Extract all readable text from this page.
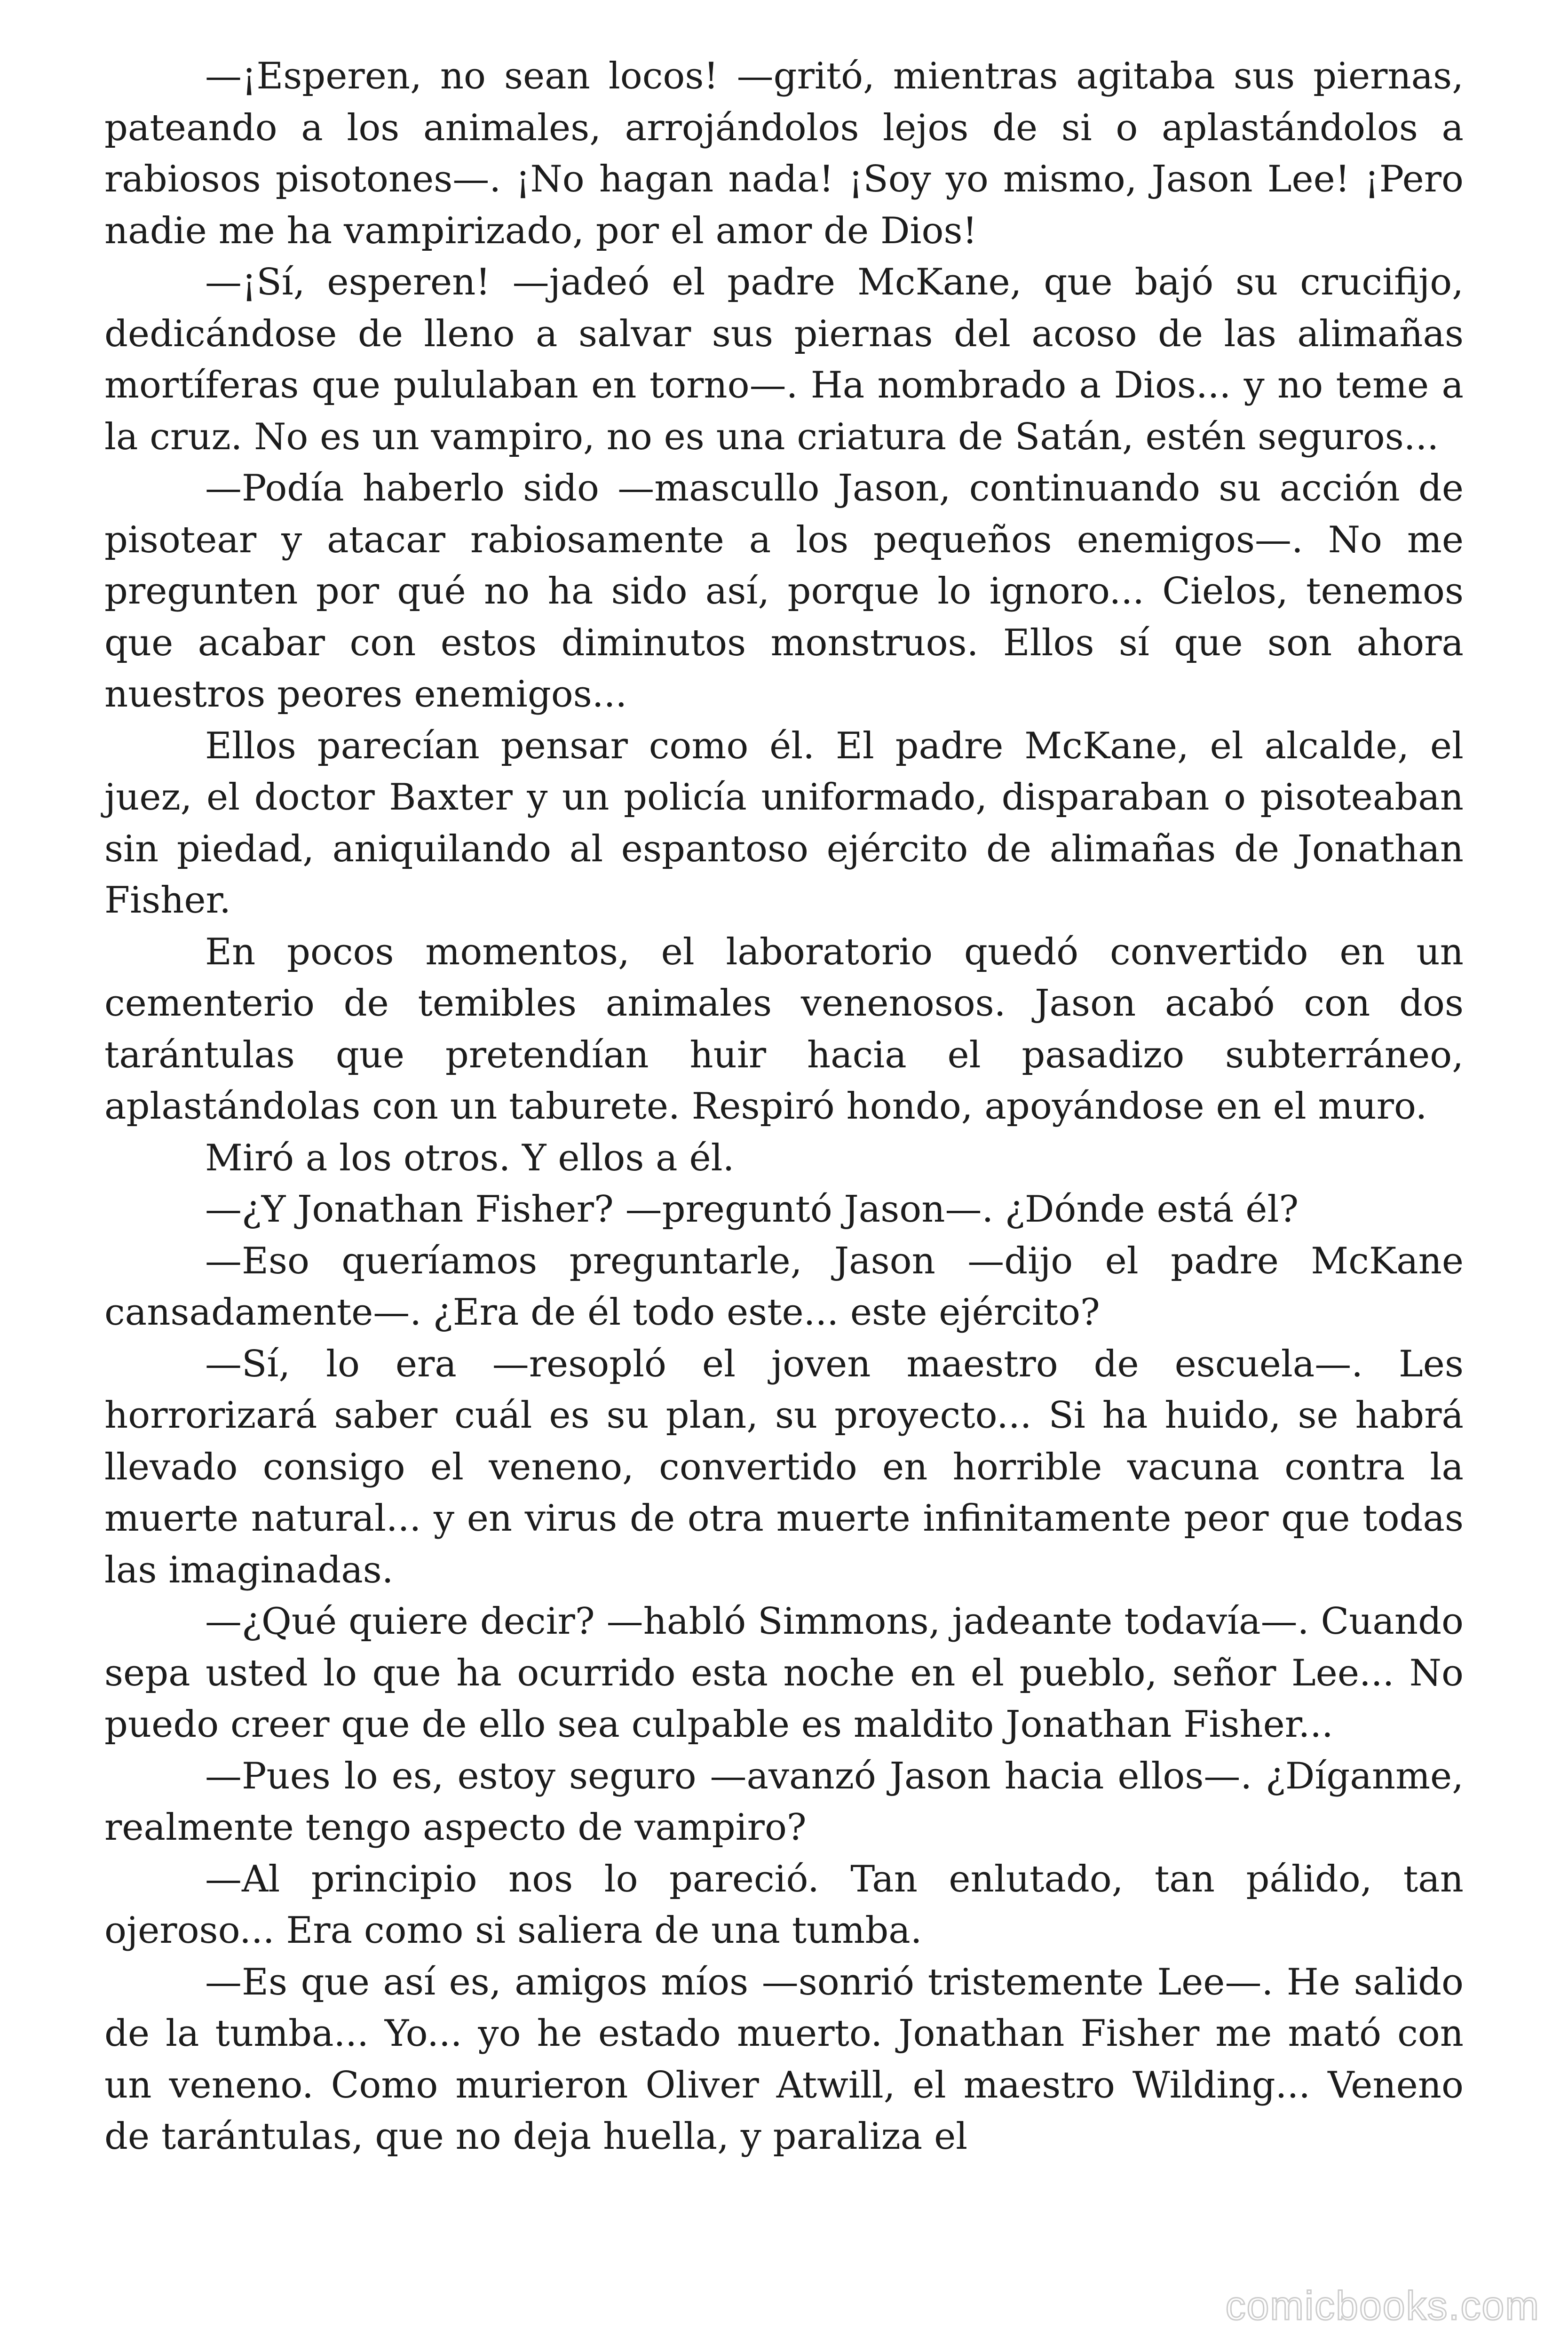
—¡Esperen, no sean locos! —gritó, mientras agitaba sus piernas, pateando a los animales, arrojándolos lejos de si o aplastándolos a rabiosos pisotones—. ¡No hagan nada! ¡Soy yo mismo, Jason Lee! ¡Pero nadie me ha vampirizado, por el amor de Dios!

—¡Sí, esperen! —jadeó el padre McKane, que bajó su crucifijo, dedicándose de lleno a salvar sus piernas del acoso de las alimañas mortíferas que pululaban en torno—. Ha nombrado a Dios... y no teme a la cruz. No es un vampiro, no es una criatura de Satán, estén seguros...

—Podía haberlo sido —mascullo Jason, continuando su acción de pisotear y atacar rabiosamente a los pequeños enemigos—. No me pregunten por qué no ha sido así, porque lo ignoro... Cielos, tenemos que acabar con estos diminutos monstruos. Ellos sí que son ahora nuestros peores enemigos...

Ellos parecían pensar como él. El padre McKane, el alcalde, el juez, el doctor Baxter y un policía uniformado, disparaban o pisoteaban sin piedad, aniquilando al espantoso ejército de alimañas de Jonathan Fisher.

En pocos momentos, el laboratorio quedó convertido en un cementerio de temibles animales venenosos. Jason acabó con dos tarántulas que pretendían huir hacia el pasadizo subterráneo, aplastándolas con un taburete. Respiró hondo, apoyándose en el muro.

Miró a los otros. Y ellos a él.

—¿Y Jonathan Fisher? —preguntó Jason—. ¿Dónde está él?

—Eso queríamos preguntarle, Jason —dijo el padre McKane cansadamente—. ¿Era de él todo este... este ejército?

—Sí, lo era —resopló el joven maestro de escuela—. Les horrorizará saber cuál es su plan, su proyecto... Si ha huido, se habrá llevado consigo el veneno, convertido en horrible vacuna contra la muerte natural... y en virus de otra muerte infinitamente peor que todas las imaginadas.

—¿Qué quiere decir? —habló Simmons, jadeante todavía—. Cuando sepa usted lo que ha ocurrido esta noche en el pueblo, señor Lee... No puedo creer que de ello sea culpable es maldito Jonathan Fisher...

—Pues lo es, estoy seguro —avanzó Jason hacia ellos—. ¿Díganme, realmente tengo aspecto de vampiro?

—Al principio nos lo pareció. Tan enlutado, tan pálido, tan ojeroso... Era como si saliera de una tumba.

—Es que así es, amigos míos —sonrió tristemente Lee—. He salido de la tumba... Yo... yo he estado muerto. Jonathan Fisher me mató con un veneno. Como murieron Oliver Atwill, el maestro Wilding... Veneno de tarántulas, que no deja huella, y paraliza el

comicbooks.com
